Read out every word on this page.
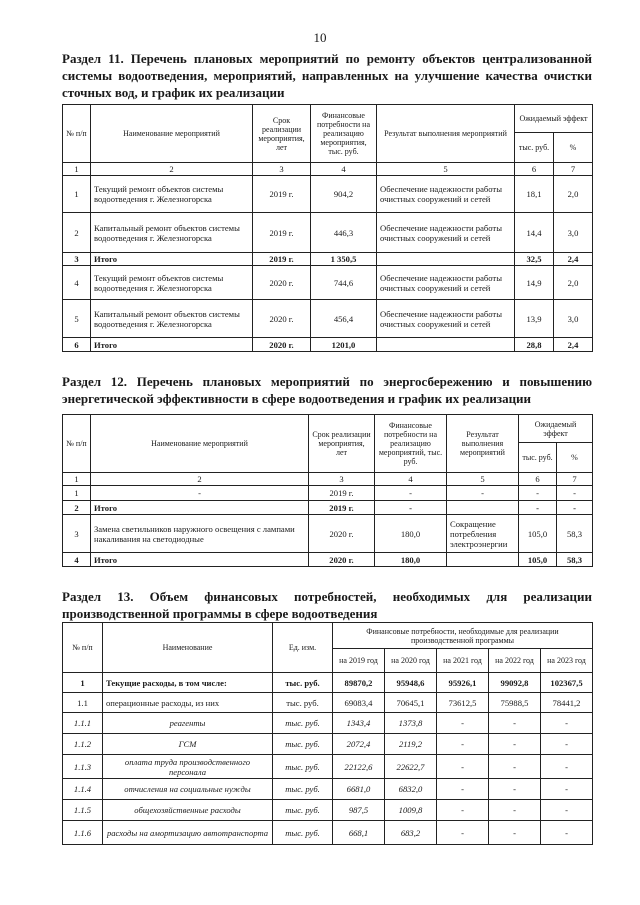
10
Раздел 11. Перечень плановых мероприятий по ремонту объектов централизованной системы водоотведения, мероприятий, направленных на улучшение качества очистки сточных вод, и график их реализации
№ п/п	Наименование мероприятий	Срок реализации мероприятия, лет	Финансовые потребности на реализацию мероприятия, тыс. руб.	Результат выполнения мероприятий	Ожидаемый эффект	
					тыс. руб.	%
1	2	3	4	5	6	7
1	Текущий ремонт объектов системы водоотведения г. Железногорска	2019 г.	904,2	Обеспечение надежности работы очистных сооружений и сетей	18,1	2,0
2	Капитальный ремонт объектов системы водоотведения г. Железногорска	2019 г.	446,3	Обеспечение надежности работы очистных сооружений и сетей	14,4	3,0
3	Итого	2019 г.	1 350,5		32,5	2,4
4	Текущий ремонт объектов системы водоотведения г. Железногорска	2020 г.	744,6	Обеспечение надежности работы очистных сооружений и сетей	14,9	2,0
5	Капитальный ремонт объектов системы водоотведения г. Железногорска	2020 г.	456,4	Обеспечение надежности работы очистных сооружений и сетей	13,9	3,0
6	Итого	2020 г.	1201,0		28,8	2,4
Раздел 12. Перечень плановых мероприятий по энергосбережению и повышению энергетической эффективности в сфере водоотведения и график их реализации
№ п/п	Наименование мероприятий	Срок реализации мероприятия, лет	Финансовые потребности на реализацию мероприятий, тыс. руб.	Результат выполнения мероприятий	Ожидаемый эффект	
					тыс. руб.	%
1	2	3	4	5	6	7
1	-	2019 г.	-	-	-	-
2	Итого	2019 г.	-		-	-
3	Замена светильников наружного освещения с лампами накаливания на светодиодные	2020 г.	180,0	Сокращение потребления электроэнергии	105,0	58,3
4	Итого	2020 г.	180,0		105,0	58,3
Раздел 13. Объем финансовых потребностей, необходимых для реализации производственной программы в сфере водоотведения
№ п/п	Наименование	Ед. изм.	Финансовые потребности, необходимые для реализации производственной программы				
			на 2019 год	на 2020 год	на 2021 год	на 2022 год	на 2023 год
1	Текущие расходы, в том числе:	тыс. руб.	89870,2	95948,6	95926,1	99092,8	102367,5
1.1	операционные расходы, из них	тыс. руб.	69083,4	70645,1	73612,5	75988,5	78441,2
1.1.1	реагенты	тыс. руб.	1343,4	1373,8	-	-	-
1.1.2	ГСМ	тыс. руб.	2072,4	2119,2	-	-	-
1.1.3	оплата труда производственного персонала	тыс. руб.	22122,6	22622,7	-	-	-
1.1.4	отчисления на социальные нужды	тыс. руб.	6681,0	6832,0	-	-	-
1.1.5	общехозяйственные расходы	тыс. руб.	987,5	1009,8	-	-	-
1.1.6	расходы на амортизацию автотранспорта	тыс. руб.	668,1	683,2	-	-	-
